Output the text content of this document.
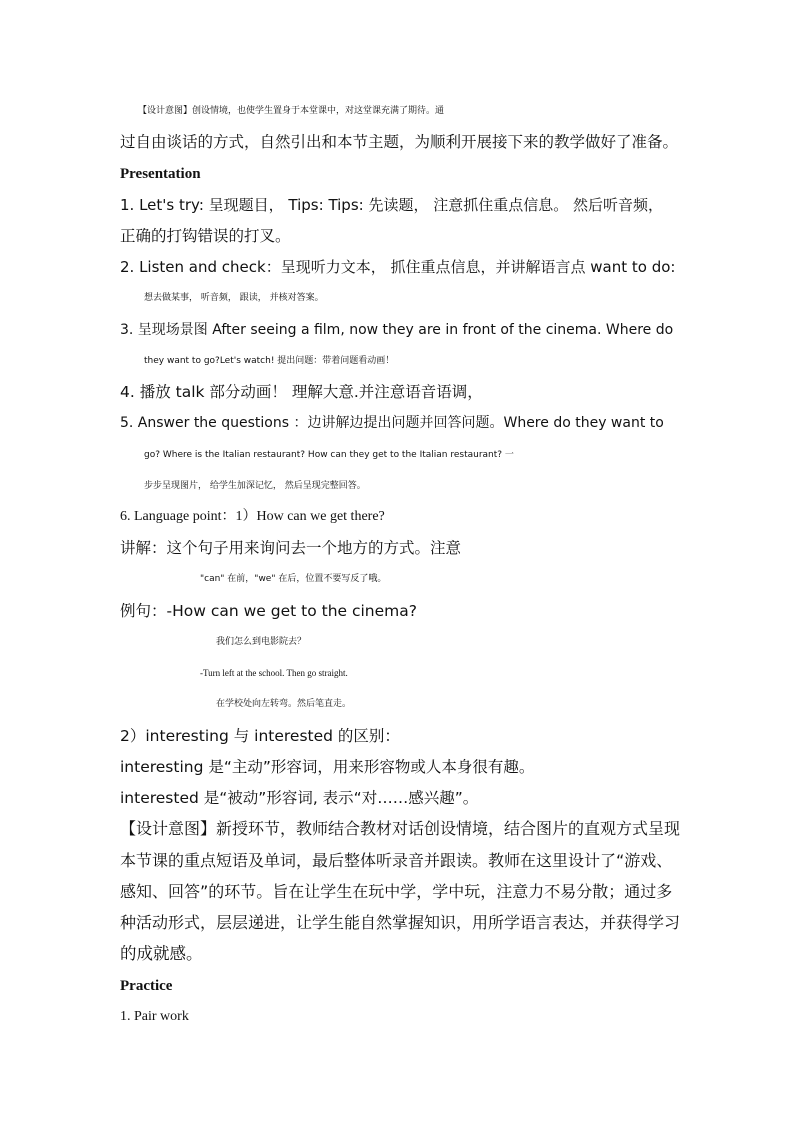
【设计意图】创设情境，也使学生置身于本堂课中，对这堂课充满了期待。通
过自由谈话的方式，自然引出和本节主题，为顺利开展接下来的教学做好了准备。
Presentation
1. Let's try: 呈现题目， Tips: Tips: 先读题， 注意抓住重点信息。 然后听音频，
正确的打钩错误的打叉。
2. Listen and check：呈现听力文本， 抓住重点信息，并讲解语言点 want to do:
想去做某事， 听音频， 跟读， 并核对答案。
3. 呈现场景图 After seeing a film, now they are in front of the cinema. Where do
they want to go?Let's watch! 提出问题：带着问题看动画！
4. 播放 talk 部分动画！ 理解大意.并注意语音语调，
5. Answer the questions ：边讲解边提出问题并回答问题。Where do they want to
go? Where is the Italian restaurant? How can they get to the Italian restaurant? 一
步步呈现图片， 给学生加深记忆， 然后呈现完整回答。
6. Language point：1）How can we get there?
讲解：这个句子用来询问去一个地方的方式。注意
"can" 在前，"we" 在后，位置不要写反了哦。
例句：-How can we get to the cinema?
我们怎么到电影院去？
-Turn left at the school. Then go straight.
在学校处向左转弯。然后笔直走。
2）interesting 与 interested 的区别：
interesting 是“主动”形容词，用来形容物或人本身很有趣。
interested 是“被动”形容词, 表示“对……感兴趣”。
【设计意图】新授环节，教师结合教材对话创设情境，结合图片的直观方式呈现
本节课的重点短语及单词，最后整体听录音并跟读。教师在这里设计了“游戏、
感知、回答”的环节。旨在让学生在玩中学，学中玩，注意力不易分散；通过多
种活动形式，层层递进，让学生能自然掌握知识，用所学语言表达，并获得学习
的成就感。
Practice
1. Pair work
